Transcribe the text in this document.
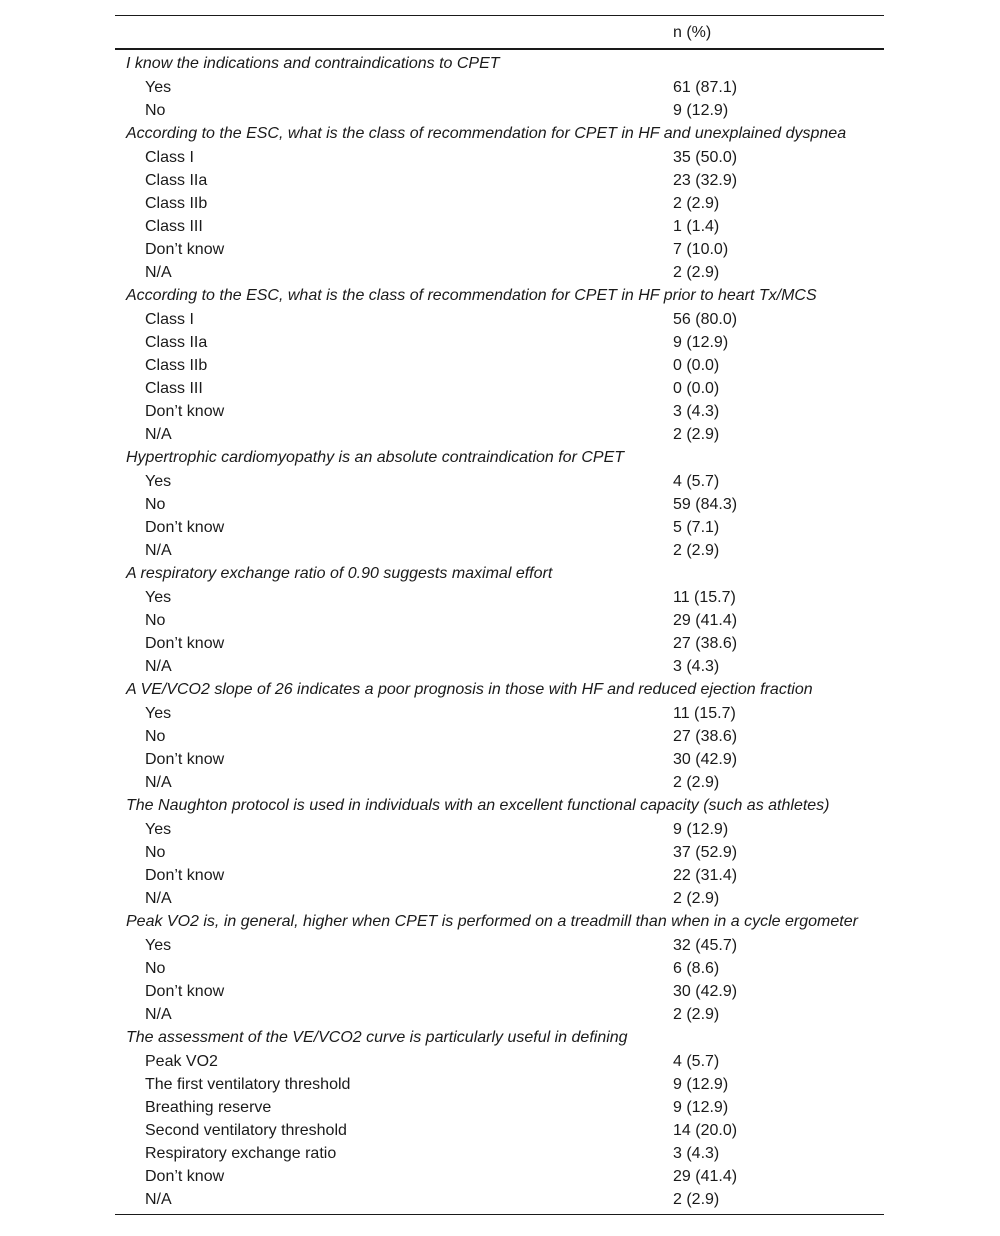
n (%)
I know the indications and contraindications to CPET
Yes	61 (87.1)
No	9 (12.9)
According to the ESC, what is the class of recommendation for CPET in HF and unexplained dyspnea
Class I	35 (50.0)
Class IIa	23 (32.9)
Class IIb	2 (2.9)
Class III	1 (1.4)
Don’t know	7 (10.0)
N/A	2 (2.9)
According to the ESC, what is the class of recommendation for CPET in HF prior to heart Tx/MCS
Class I	56 (80.0)
Class IIa	9 (12.9)
Class IIb	0 (0.0)
Class III	0 (0.0)
Don’t know	3 (4.3)
N/A	2 (2.9)
Hypertrophic cardiomyopathy is an absolute contraindication for CPET
Yes	4 (5.7)
No	59 (84.3)
Don’t know	5 (7.1)
N/A	2 (2.9)
A respiratory exchange ratio of 0.90 suggests maximal effort
Yes	11 (15.7)
No	29 (41.4)
Don’t know	27 (38.6)
N/A	3 (4.3)
A VE/VCO2 slope of 26 indicates a poor prognosis in those with HF and reduced ejection fraction
Yes	11 (15.7)
No	27 (38.6)
Don’t know	30 (42.9)
N/A	2 (2.9)
The Naughton protocol is used in individuals with an excellent functional capacity (such as athletes)
Yes	9 (12.9)
No	37 (52.9)
Don’t know	22 (31.4)
N/A	2 (2.9)
Peak VO2 is, in general, higher when CPET is performed on a treadmill than when in a cycle ergometer
Yes	32 (45.7)
No	6 (8.6)
Don’t know	30 (42.9)
N/A	2 (2.9)
The assessment of the VE/VCO2 curve is particularly useful in defining
Peak VO2	4 (5.7)
The first ventilatory threshold	9 (12.9)
Breathing reserve	9 (12.9)
Second ventilatory threshold	14 (20.0)
Respiratory exchange ratio	3 (4.3)
Don’t know	29 (41.4)
N/A	2 (2.9)
